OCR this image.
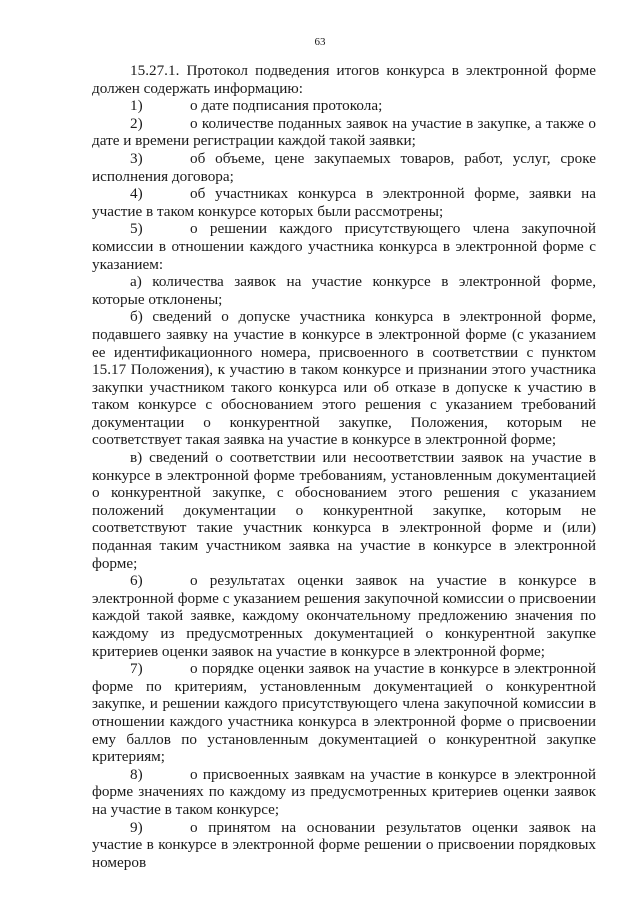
63

15.27.1. Протокол подведения итогов конкурса в электронной форме должен содержать информацию:

1)	о дате подписания протокола;

2)	о количестве поданных заявок на участие в закупке, а также о дате и времени регистрации каждой такой заявки;

3)	об объеме, цене закупаемых товаров, работ, услуг, сроке исполнения договора;

4)	об участниках конкурса в электронной форме, заявки на участие в таком конкурсе которых были рассмотрены;

5)	о решении каждого присутствующего члена закупочной комиссии в отношении каждого участника конкурса в электронной форме с указанием:

а) количества заявок на участие конкурсе в электронной форме, которые отклонены;

б) сведений о допуске участника конкурса в электронной форме, подавшего заявку на участие в конкурсе в электронной форме (с указанием ее идентификационного номера, присвоенного в соответствии с пунктом 15.17 Положения), к участию в таком конкурсе и признании этого участника закупки участником такого конкурса или об отказе в допуске к участию в таком конкурсе с обоснованием этого решения с указанием требований документации о конкурентной закупке, Положения, которым не соответствует такая заявка на участие в конкурсе в электронной форме;

в) сведений о соответствии или несоответствии заявок на участие в конкурсе в электронной форме требованиям, установленным документацией о конкурентной закупке, с обоснованием этого решения с указанием положений документации о конкурентной закупке, которым не соответствуют такие участник конкурса в электронной форме и (или) поданная таким участником заявка на участие в конкурсе в электронной форме;

6)	о результатах оценки заявок на участие в конкурсе в электронной форме с указанием решения закупочной комиссии о присвоении каждой такой заявке, каждому окончательному предложению значения по каждому из предусмотренных документацией о конкурентной закупке критериев оценки заявок на участие в конкурсе в электронной форме;

7)	о порядке оценки заявок на участие в конкурсе в электронной форме по критериям, установленным документацией о конкурентной закупке, и решении каждого присутствующего члена закупочной комиссии в отношении каждого участника конкурса в электронной форме о присвоении ему баллов по установленным документацией о конкурентной закупке критериям;

8)	о присвоенных заявкам на участие в конкурсе в электронной форме значениях по каждому из предусмотренных критериев оценки заявок на участие в таком конкурсе;

9)	о принятом на основании результатов оценки заявок на участие в конкурсе в электронной форме решении о присвоении порядковых номеров
